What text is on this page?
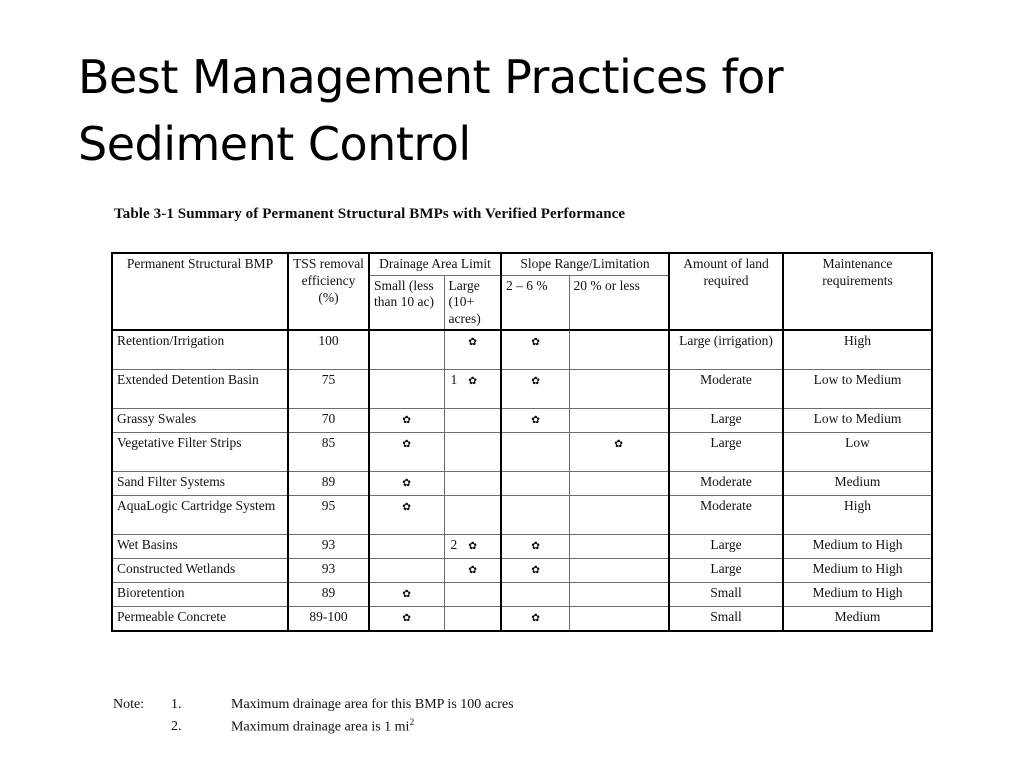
Best Management Practices for Sediment Control
Table 3-1 Summary of Permanent Structural BMPs with Verified Performance
Permanent Structural BMP	TSS removal efficiency (%)	Drainage Area Limit		Slope Range/Limitation		Amount of land required	Maintenance requirements
		Small (less than 10 ac)	Large (10+ acres)	2 – 6 %	20 % or less		
Retention/Irrigation	100		✿	✿		Large (irrigation)	High
Extended Detention Basin	75		1 ✿	✿		Moderate	Low to Medium
Grassy Swales	70	✿		✿		Large	Low to Medium
Vegetative Filter Strips	85	✿			✿	Large	Low
Sand Filter Systems	89	✿				Moderate	Medium
AquaLogic Cartridge System	95	✿				Moderate	High
Wet Basins	93		2 ✿	✿		Large	Medium to High
Constructed Wetlands	93		✿	✿		Large	Medium to High
Bioretention	89	✿				Small	Medium to High
Permeable Concrete	89-100	✿		✿		Small	Medium
Note:	1.	Maximum drainage area for this BMP is 100 acres
2.	Maximum drainage area is 1 $mi^2$
